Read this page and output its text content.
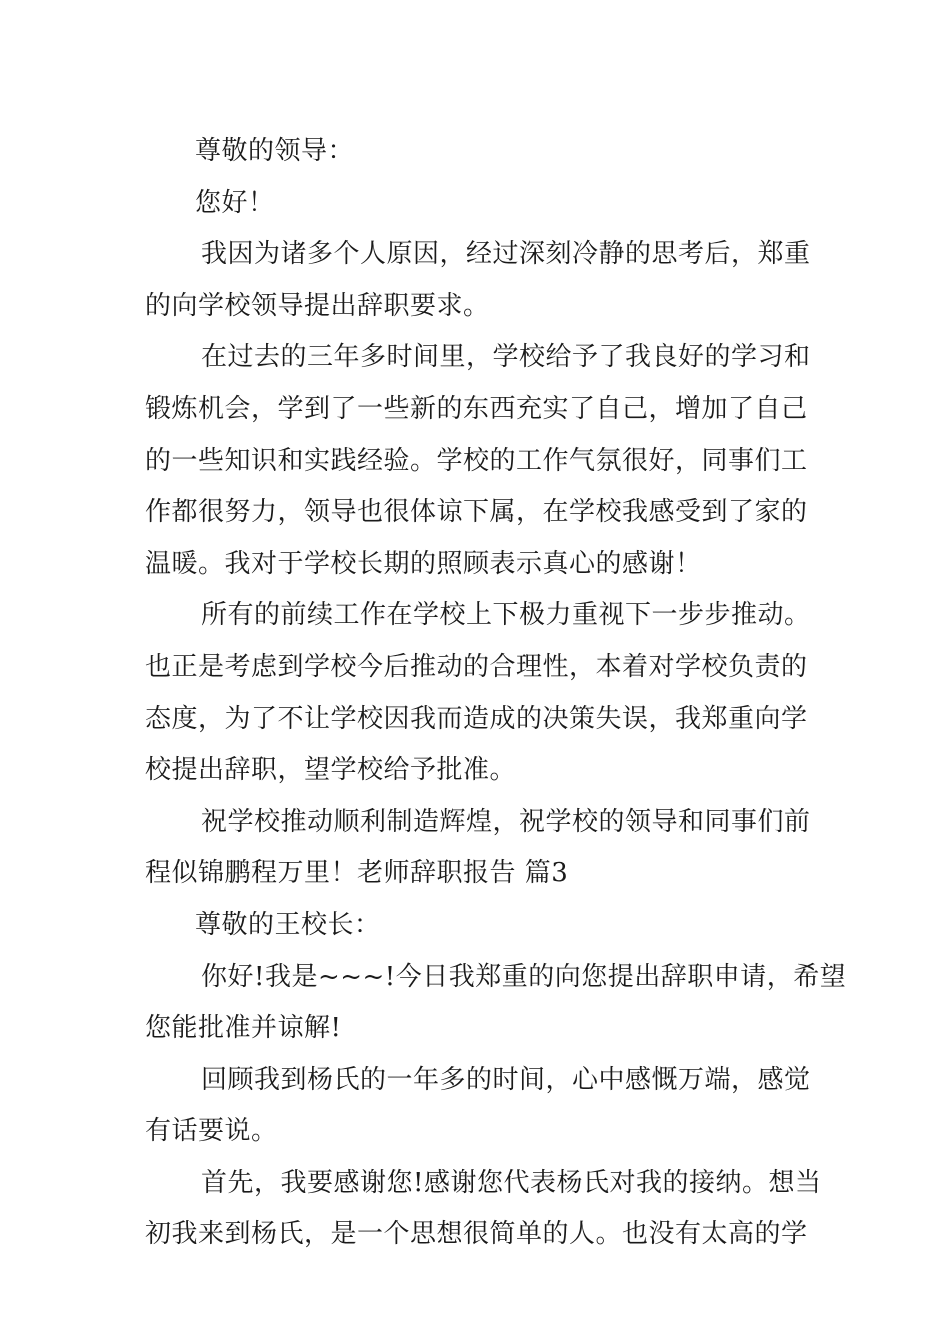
尊敬的领导：
您好！
我因为诸多个人原因，经过深刻冷静的思考后，郑重
的向学校领导提出辞职要求。
在过去的三年多时间里，学校给予了我良好的学习和
锻炼机会，学到了一些新的东西充实了自己，增加了自己
的一些知识和实践经验。学校的工作气氛很好，同事们工
作都很努力，领导也很体谅下属，在学校我感受到了家的
温暖。我对于学校长期的照顾表示真心的感谢！
所有的前续工作在学校上下极力重视下一步步推动。
也正是考虑到学校今后推动的合理性，本着对学校负责的
态度，为了不让学校因我而造成的决策失误，我郑重向学
校提出辞职，望学校给予批准。
祝学校推动顺利制造辉煌，祝学校的领导和同事们前
程似锦鹏程万里！老师辞职报告 篇3
尊敬的王校长：
你好!我是~~~!今日我郑重的向您提出辞职申请，希望
您能批准并谅解!
回顾我到杨氏的一年多的时间，心中感慨万端，感觉
有话要说。
首先，我要感谢您!感谢您代表杨氏对我的接纳。想当
初我来到杨氏，是一个思想很简单的人。也没有太高的学
